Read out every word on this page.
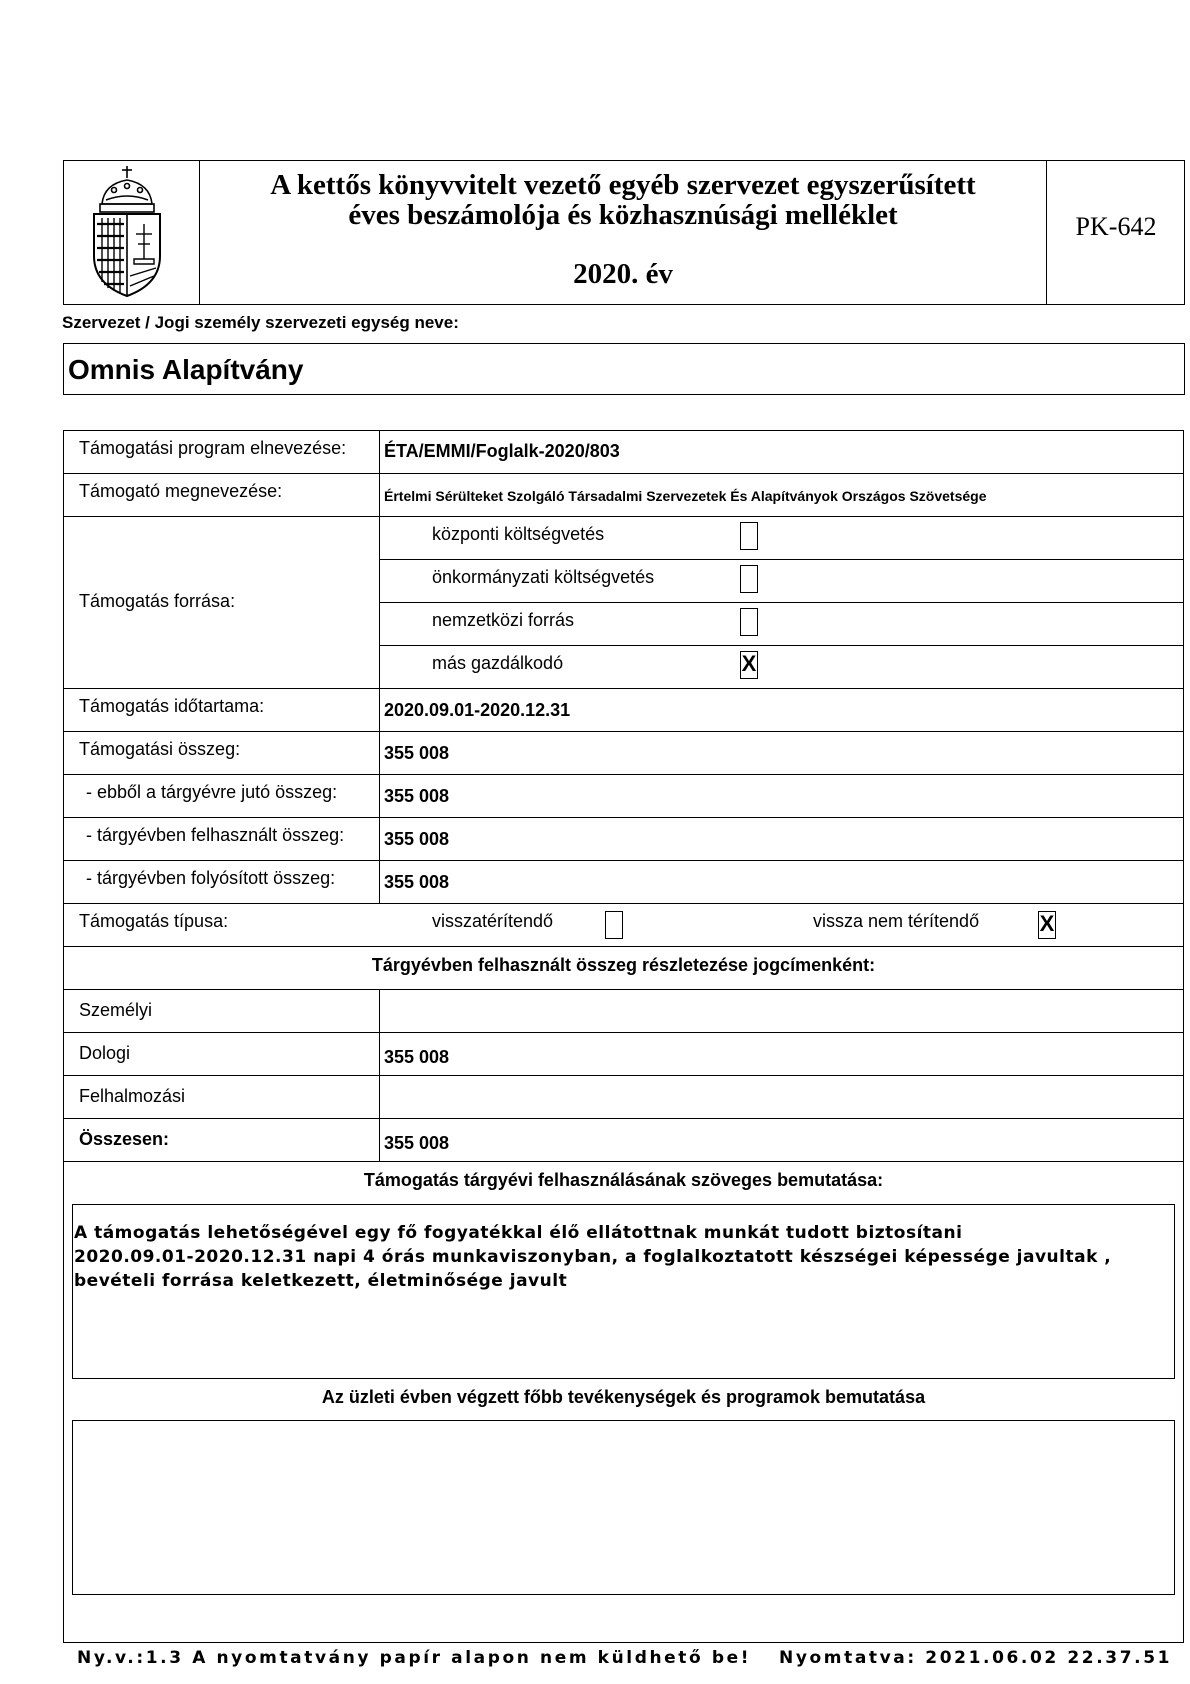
A kettős könyvvitelt vezető egyéb szervezet egyszerűsített
éves beszámolója és közhasznúsági melléklet
2020. év
PK-642
Szervezet / Jogi személy szervezeti egység neve:
Omnis Alapítvány
Támogatási program elnevezése: ÉTA/EMMI/Foglalk-2020/803
Támogató megnevezése:	Értelmi Sérülteket Szolgáló Társadalmi Szervezetek És Alapítványok Országos Szövetsége
Támogatás forrása:
központi költségvetés
önkormányzati költségvetés
nemzetközi forrás
más gazdálkodó	X
Támogatás időtartama:	2020.09.01-2020.12.31
Támogatási összeg:	355 008
- ebből a tárgyévre jutó összeg:	355 008
- tárgyévben felhasznált összeg: 355 008
- tárgyévben folyósított összeg:	355 008
Támogatás típusa:	visszatérítendő	vissza nem térítendő	X
Tárgyévben felhasznált összeg részletezése jogcímenként:
Személyi
Dologi	355 008
Felhalmozási
Összesen:	355 008
Támogatás tárgyévi felhasználásának szöveges bemutatása:
A támogatás lehetőségével egy fő fogyatékkal élő ellátottnak munkát tudott biztosítani
2020.09.01-2020.12.31 napi 4 órás munkaviszonyban, a foglalkoztatott készségei képessége javultak ,
bevételi forrása keletkezett, életminősége javult
Az üzleti évben végzett főbb tevékenységek és programok bemutatása
Ny.v.:1.3 A nyomtatvány papír alapon nem küldhető be! Nyomtatva: 2021.06.02 22.37.51
